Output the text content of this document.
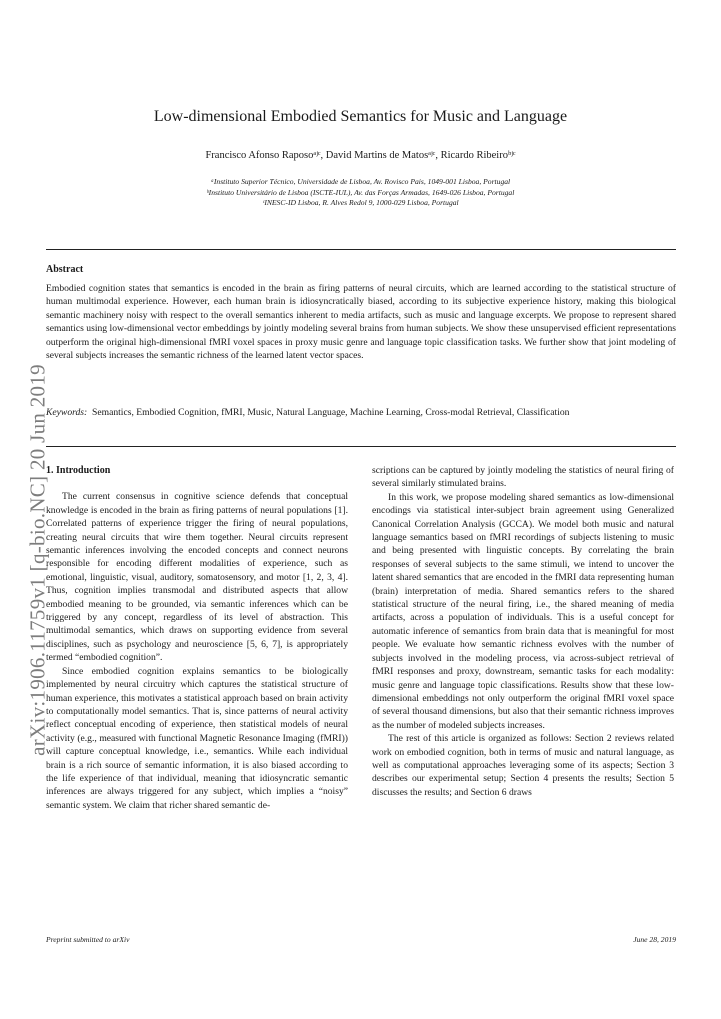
Low-dimensional Embodied Semantics for Music and Language
Francisco Afonso Raposoᵃʲᶜ, David Martins de Matosᵃʲᶜ, Ricardo Ribeiroᵇʲᶜ
ᵃInstituto Superior Técnico, Universidade de Lisboa, Av. Rovisco Pais, 1049-001 Lisboa, Portugal
ᵇInstituto Universitário de Lisboa (ISCTE-IUL), Av. das Forças Armadas, 1649-026 Lisboa, Portugal
ᶜINESC-ID Lisboa, R. Alves Redol 9, 1000-029 Lisboa, Portugal
Abstract

Embodied cognition states that semantics is encoded in the brain as firing patterns of neural circuits, which are learned according to the statistical structure of human multimodal experience. However, each human brain is idiosyncratically biased, according to its subjective experience history, making this biological semantic machinery noisy with respect to the overall semantics inherent to media artifacts, such as music and language excerpts. We propose to represent shared semantics using low-dimensional vector embeddings by jointly modeling several brains from human subjects. We show these unsupervised efficient representations outperform the original high-dimensional fMRI voxel spaces in proxy music genre and language topic classification tasks. We further show that joint modeling of several subjects increases the semantic richness of the learned latent vector spaces.

Keywords: Semantics, Embodied Cognition, fMRI, Music, Natural Language, Machine Learning, Cross-modal Retrieval, Classification

arXiv:1906.11759v1 [q-bio.NC] 20 Jun 2019
1. Introduction

The current consensus in cognitive science defends that conceptual knowledge is encoded in the brain as firing patterns of neural populations [1]. Correlated patterns of experience trigger the firing of neural populations, creating neural circuits that wire them together. Neural circuits represent semantic inferences involving the encoded concepts and connect neurons responsible for encoding different modalities of experience, such as emotional, linguistic, visual, auditory, somatosensory, and motor [1, 2, 3, 4]. Thus, cognition implies transmodal and distributed aspects that allow embodied meaning to be grounded, via semantic inferences which can be triggered by any concept, regardless of its level of abstraction. This multimodal semantics, which draws on supporting evidence from several disciplines, such as psychology and neuroscience [5, 6, 7], is appropriately termed “embodied cognition”.

Since embodied cognition explains semantics to be biologically implemented by neural circuitry which captures the statistical structure of human experience, this motivates a statistical approach based on brain activity to computationally model semantics. That is, since patterns of neural activity reflect conceptual encoding of experience, then statistical models of neural activity (e.g., measured with functional Magnetic Resonance Imaging (fMRI)) will capture conceptual knowledge, i.e., semantics. While each individual brain is a rich source of semantic information, it is also biased according to the life experience of that individual, meaning that idiosyncratic semantic inferences are always triggered for any subject, which implies a “noisy” semantic system. We claim that richer shared semantic de-

scriptions can be captured by jointly modeling the statistics of neural firing of several similarly stimulated brains.

In this work, we propose modeling shared semantics as low-dimensional encodings via statistical inter-subject brain agreement using Generalized Canonical Correlation Analysis (GCCA). We model both music and natural language semantics based on fMRI recordings of subjects listening to music and being presented with linguistic concepts. By correlating the brain responses of several subjects to the same stimuli, we intend to uncover the latent shared semantics that are encoded in the fMRI data representing human (brain) interpretation of media. Shared semantics refers to the shared statistical structure of the neural firing, i.e., the shared meaning of media artifacts, across a population of individuals. This is a useful concept for automatic inference of semantics from brain data that is meaningful for most people. We evaluate how semantic richness evolves with the number of subjects involved in the modeling process, via across-subject retrieval of fMRI responses and proxy, downstream, semantic tasks for each modality: music genre and language topic classifications. Results show that these low-dimensional embeddings not only outperform the original fMRI voxel space of several thousand dimensions, but also that their semantic richness improves as the number of modeled subjects increases.

The rest of this article is organized as follows: Section 2 reviews related work on embodied cognition, both in terms of music and natural language, as well as computational approaches leveraging some of its aspects; Section 3 describes our experimental setup; Section 4 presents the results; Section 5 discusses the results; and Section 6 draws

Preprint submitted to arXiv	June 28, 2019
